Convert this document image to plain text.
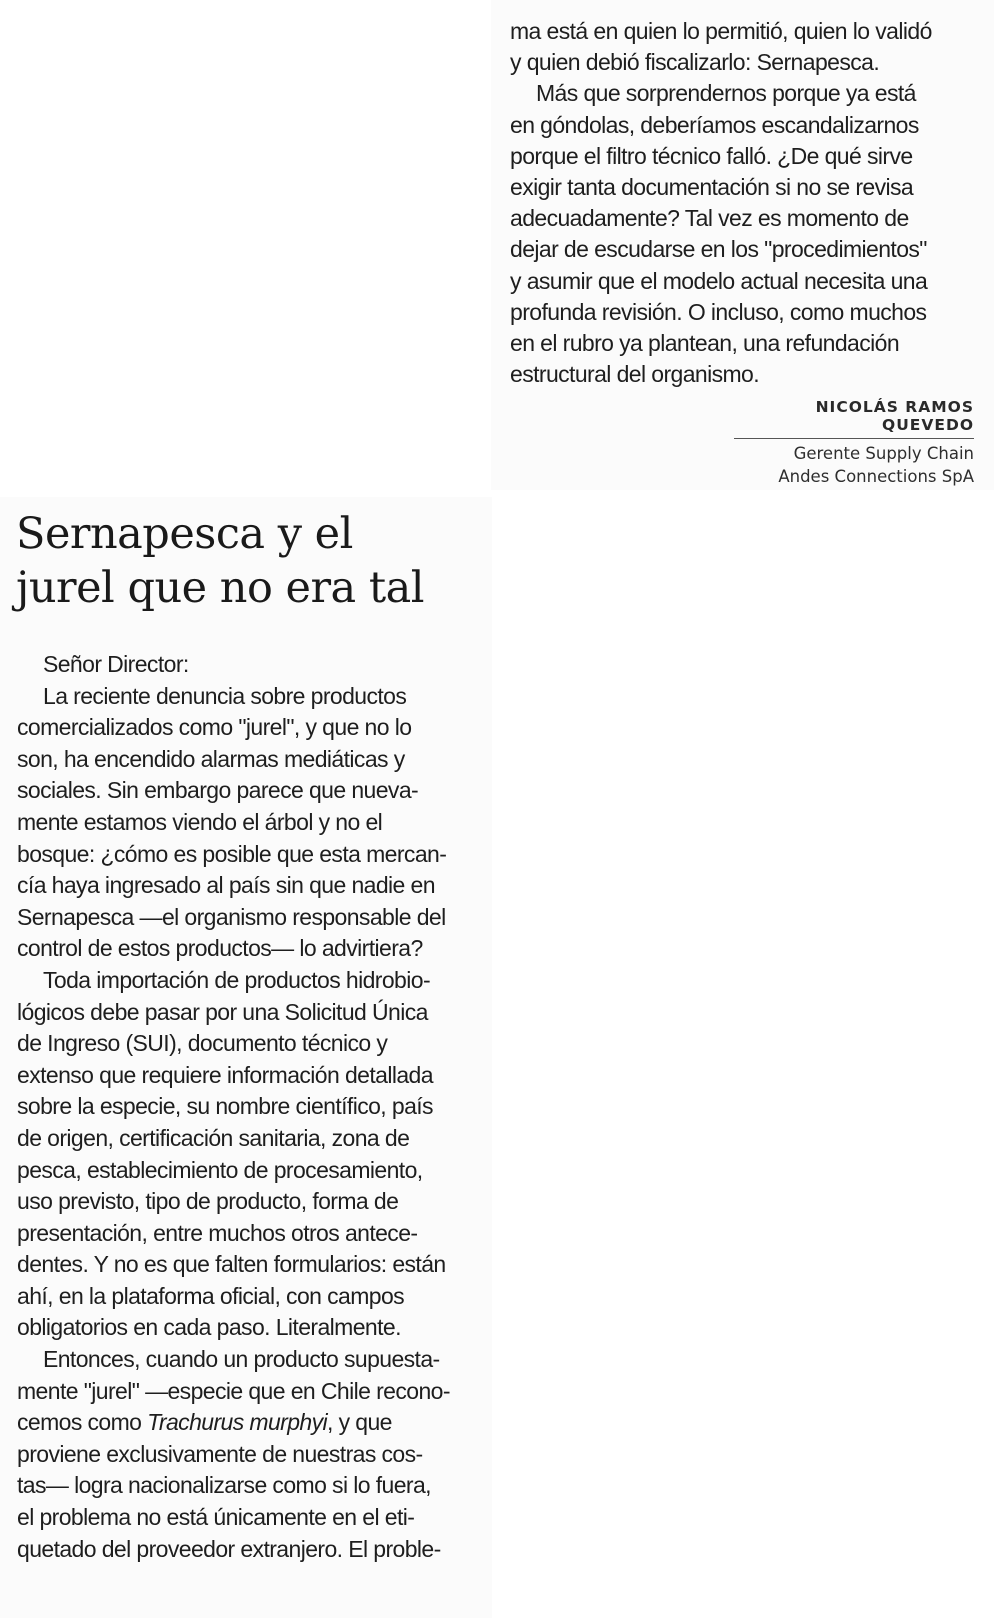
ma está en quien lo permitió, quien lo validó
y quien debió fiscalizarlo: Sernapesca.
Más que sorprendernos porque ya está
en góndolas, deberíamos escandalizarnos
porque el filtro técnico falló. ¿De qué sirve
exigir tanta documentación si no se revisa
adecuadamente? Tal vez es momento de
dejar de escudarse en los "procedimientos"
y asumir que el modelo actual necesita una
profunda revisión. O incluso, como muchos
en el rubro ya plantean, una refundación
estructural del organismo.
NICOLÁS RAMOS QUEVEDO
Gerente Supply Chain
Andes Connections SpA
Sernapesca y el
jurel que no era tal
Señor Director:
La reciente denuncia sobre productos
comercializados como "jurel", y que no lo
son, ha encendido alarmas mediáticas y
sociales. Sin embargo parece que nueva-
mente estamos viendo el árbol y no el
bosque: ¿cómo es posible que esta mercan-
cía haya ingresado al país sin que nadie en
Sernapesca —el organismo responsable del
control de estos productos— lo advirtiera?
Toda importación de productos hidrobio-
lógicos debe pasar por una Solicitud Única
de Ingreso (SUI), documento técnico y
extenso que requiere información detallada
sobre la especie, su nombre científico, país
de origen, certificación sanitaria, zona de
pesca, establecimiento de procesamiento,
uso previsto, tipo de producto, forma de
presentación, entre muchos otros antece-
dentes. Y no es que falten formularios: están
ahí, en la plataforma oficial, con campos
obligatorios en cada paso. Literalmente.
Entonces, cuando un producto supuesta-
mente "jurel" —especie que en Chile recono-
cemos como Trachurus murphyi, y que
proviene exclusivamente de nuestras cos-
tas— logra nacionalizarse como si lo fuera,
el problema no está únicamente en el eti-
quetado del proveedor extranjero. El proble-
